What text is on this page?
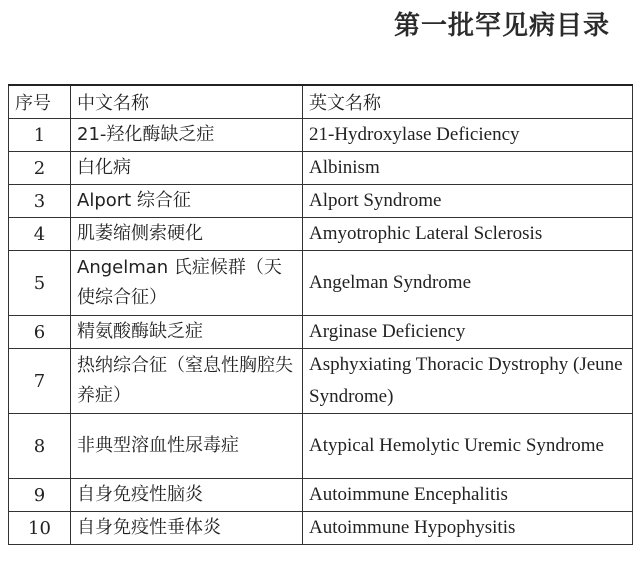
第一批罕见病目录
序号	中文名称	英文名称
1	21-羟化酶缺乏症	21-Hydroxylase Deficiency
2	白化病	Albinism
3	Alport 综合征	Alport Syndrome
4	肌萎缩侧索硬化	Amyotrophic Lateral Sclerosis
5	Angelman 氏症候群（天使综合征）	Angelman Syndrome
6	精氨酸酶缺乏症	Arginase Deficiency
7	热纳综合征（窒息性胸腔失养症）	Asphyxiating Thoracic Dystrophy (Jeune Syndrome)
8	非典型溶血性尿毒症	Atypical Hemolytic Uremic Syndrome
9	自身免疫性脑炎	Autoimmune Encephalitis
10	自身免疫性垂体炎	Autoimmune Hypophysitis
